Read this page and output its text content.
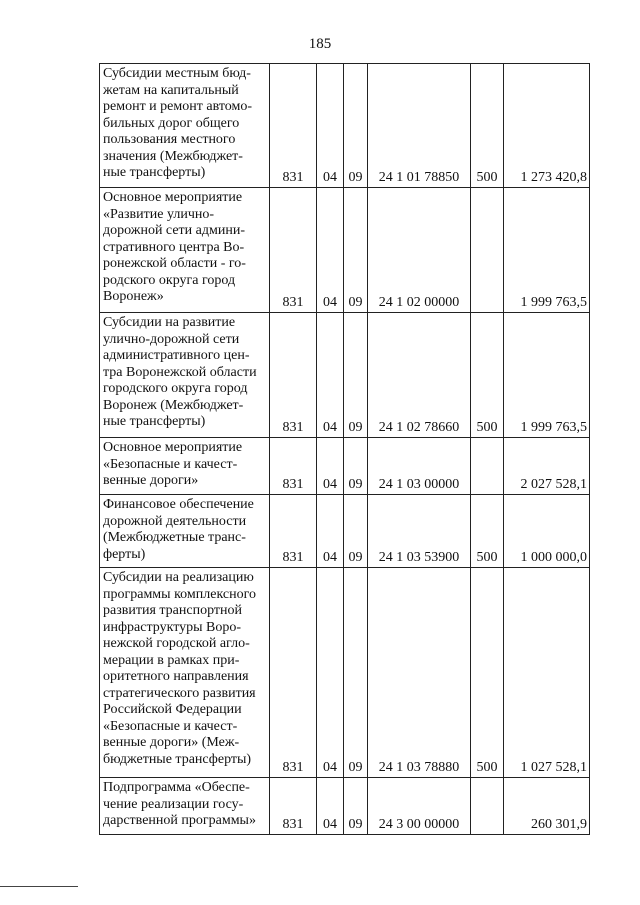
185
Субсидии местным бюд-жетам на капитальный ремонт и ремонт автомо-бильных дорог общего пользования местного значения (Межбюджет-ные трансферты)	831	04	09	24 1 01 78850	500	1 273 420,8
Основное мероприятие «Развитие улично-дорожной сети админи-стративного центра Во-ронежской области - го-родского округа город Воронеж»	831	04	09	24 1 02 00000		1 999 763,5
Субсидии на развитие улично-дорожной сети административного цен-тра Воронежской области городского округа город Воронеж (Межбюджет-ные трансферты)	831	04	09	24 1 02 78660	500	1 999 763,5
Основное мероприятие «Безопасные и качест-венные дороги»	831	04	09	24 1 03 00000		2 027 528,1
Финансовое обеспечение дорожной деятельности (Межбюджетные транс-ферты)	831	04	09	24 1 03 53900	500	1 000 000,0
Субсидии на реализацию программы комплексного развития транспортной инфраструктуры Воро-нежской городской агло-мерации в рамках при-оритетного направления стратегического развития Российской Федерации «Безопасные и качест-венные дороги» (Меж-бюджетные трансферты)	831	04	09	24 1 03 78880	500	1 027 528,1
Подпрограмма «Обеспе-чение реализации госу-дарственной программы»	831	04	09	24 3 00 00000		260 301,9
